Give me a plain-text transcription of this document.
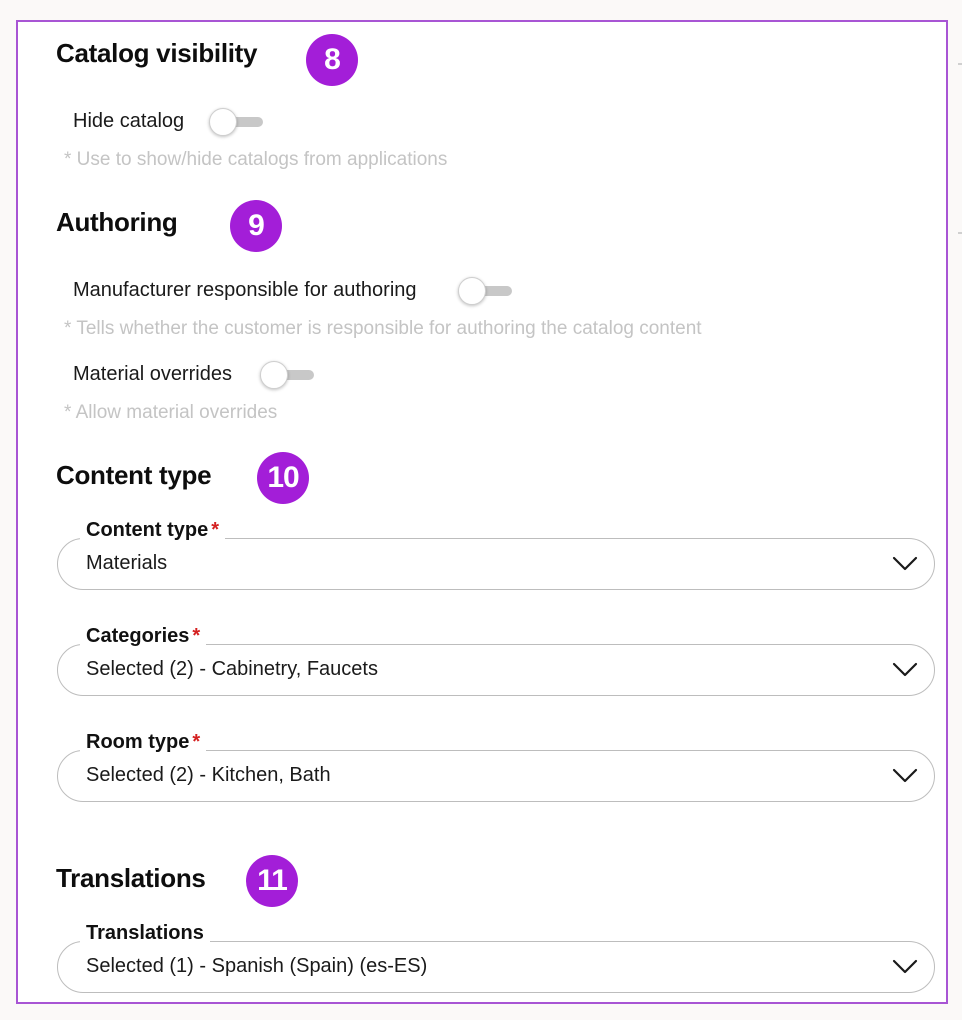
Catalog visibility	8
Hide catalog
* Use to show/hide catalogs from applications
Authoring	9
Manufacturer responsible for authoring
* Tells whether the customer is responsible for authoring the catalog content
Material overrides
* Allow material overrides
Content type	10
Content type *
Materials
Categories *
Selected (2) - Cabinetry, Faucets
Room type *
Selected (2) - Kitchen, Bath
Translations	11
Translations
Selected (1) - Spanish (Spain) (es-ES)
